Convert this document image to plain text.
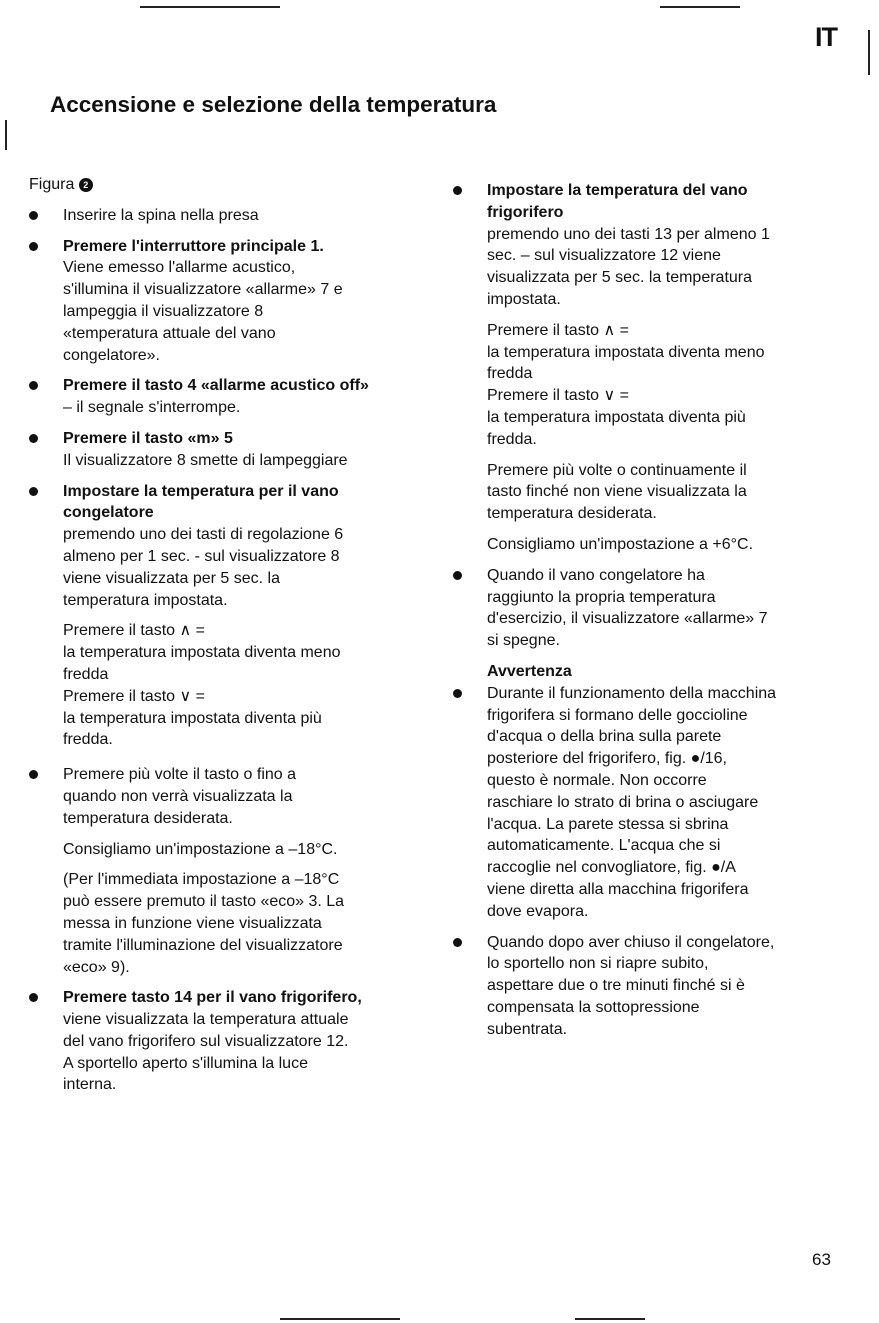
IT
Accensione e selezione della temperatura
Figura 2
Inserire la spina nella presa
Premere l'interruttore principale 1.
Viene emesso l'allarme acustico,
s'illumina il visualizzatore «allarme» 7 e
lampeggia il visualizzatore 8
«temperatura attuale del vano
congelatore».
Premere il tasto 4 «allarme acustico off»
– il segnale s'interrompe.
Premere il tasto «m» 5
Il visualizzatore 8 smette di lampeggiare
Impostare la temperatura per il vano
congelatore
premendo uno dei tasti di regolazione 6
almeno per 1 sec. - sul visualizzatore 8
viene visualizzata per 5 sec. la
temperatura impostata.
Premere il tasto ∧ =
la temperatura impostata diventa meno
fredda
Premere il tasto ∨ =
la temperatura impostata diventa più
fredda.
Premere più volte il tasto o fino a
quando non verrà visualizzata la
temperatura desiderata.
Consigliamo un'impostazione a –18°C.
(Per l'immediata impostazione a –18°C
può essere premuto il tasto «eco» 3. La
messa in funzione viene visualizzata
tramite l'illuminazione del visualizzatore
«eco» 9).
Premere tasto 14 per il vano frigorifero,
viene visualizzata la temperatura attuale
del vano frigorifero sul visualizzatore 12.
A sportello aperto s'illumina la luce
interna.
Impostare la temperatura del vano
frigorifero
premendo uno dei tasti 13 per almeno 1
sec. – sul visualizzatore 12 viene
visualizzata per 5 sec. la temperatura
impostata.
Premere il tasto ∧ =
la temperatura impostata diventa meno
fredda
Premere il tasto ∨ =
la temperatura impostata diventa più
fredda.
Premere più volte o continuamente il
tasto finché non viene visualizzata la
temperatura desiderata.
Consigliamo un'impostazione a +6°C.
Quando il vano congelatore ha
raggiunto la propria temperatura
d'esercizio, il visualizzatore «allarme» 7
si spegne.
Avvertenza
Durante il funzionamento della macchina
frigorifera si formano delle goccioline
d'acqua o della brina sulla parete
posteriore del frigorifero, fig. ●/16,
questo è normale. Non occorre
raschiare lo strato di brina o asciugare
l'acqua. La parete stessa si sbrina
automaticamente. L'acqua che si
raccoglie nel convogliatore, fig. ●/A
viene diretta alla macchina frigorifera
dove evapora.
Quando dopo aver chiuso il congelatore,
lo sportello non si riapre subito,
aspettare due o tre minuti finché si è
compensata la sottopressione
subentrata.
63
